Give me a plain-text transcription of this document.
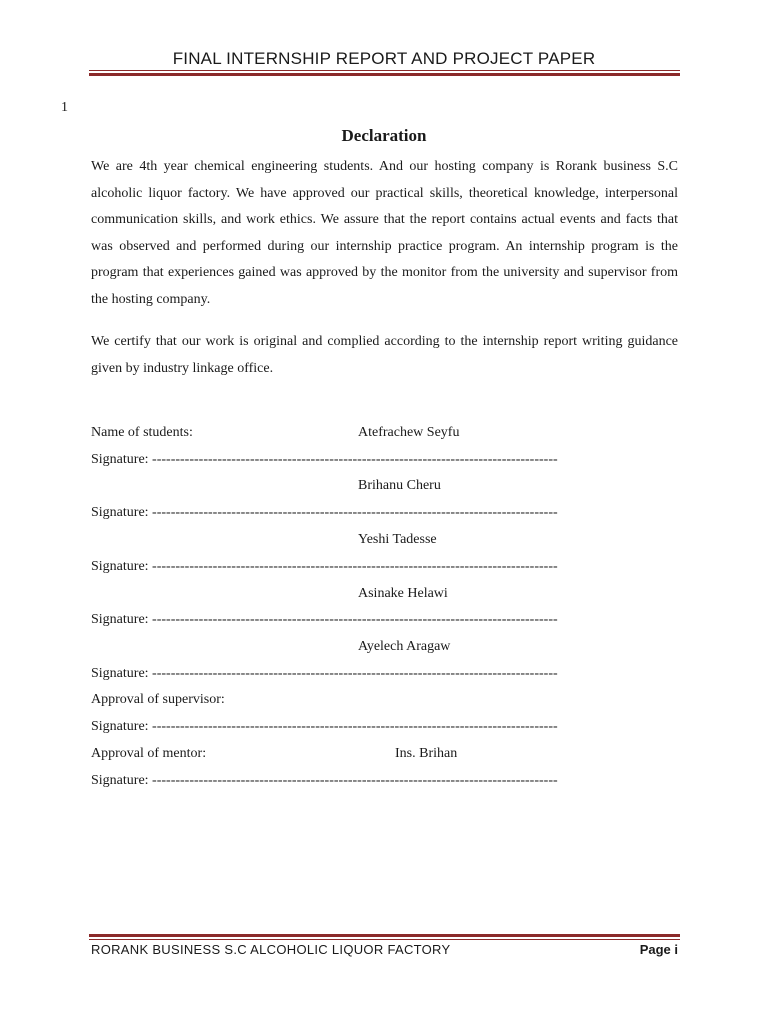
FINAL INTERNSHIP REPORT AND PROJECT PAPER
1
Declaration
We are 4th year chemical engineering students. And our hosting company is Rorank business S.C alcoholic liquor factory. We have approved our practical skills, theoretical knowledge, interpersonal communication skills, and work ethics. We assure that the report contains actual events and facts that was observed and performed during our internship practice program. An internship program is the program that experiences gained was approved by the monitor from the university and supervisor from the hosting company.
We certify that our work is original and complied according to the internship report writing guidance given by industry linkage office.
Name of students:	Atefrachew Seyfu
Signature: ---------------------------------------------------------------------------------------
Brihanu Cheru
Signature: ---------------------------------------------------------------------------------------
Yeshi Tadesse
Signature: ---------------------------------------------------------------------------------------
Asinake Helawi
Signature: ---------------------------------------------------------------------------------------
Ayelech Aragaw
Signature: ---------------------------------------------------------------------------------------
Approval of supervisor:
Signature: ---------------------------------------------------------------------------------------
Approval of mentor:	Ins. Brihan
Signature: ---------------------------------------------------------------------------------------
RORANK BUSINESS S.C ALCOHOLIC LIQUOR FACTORY	Page i
